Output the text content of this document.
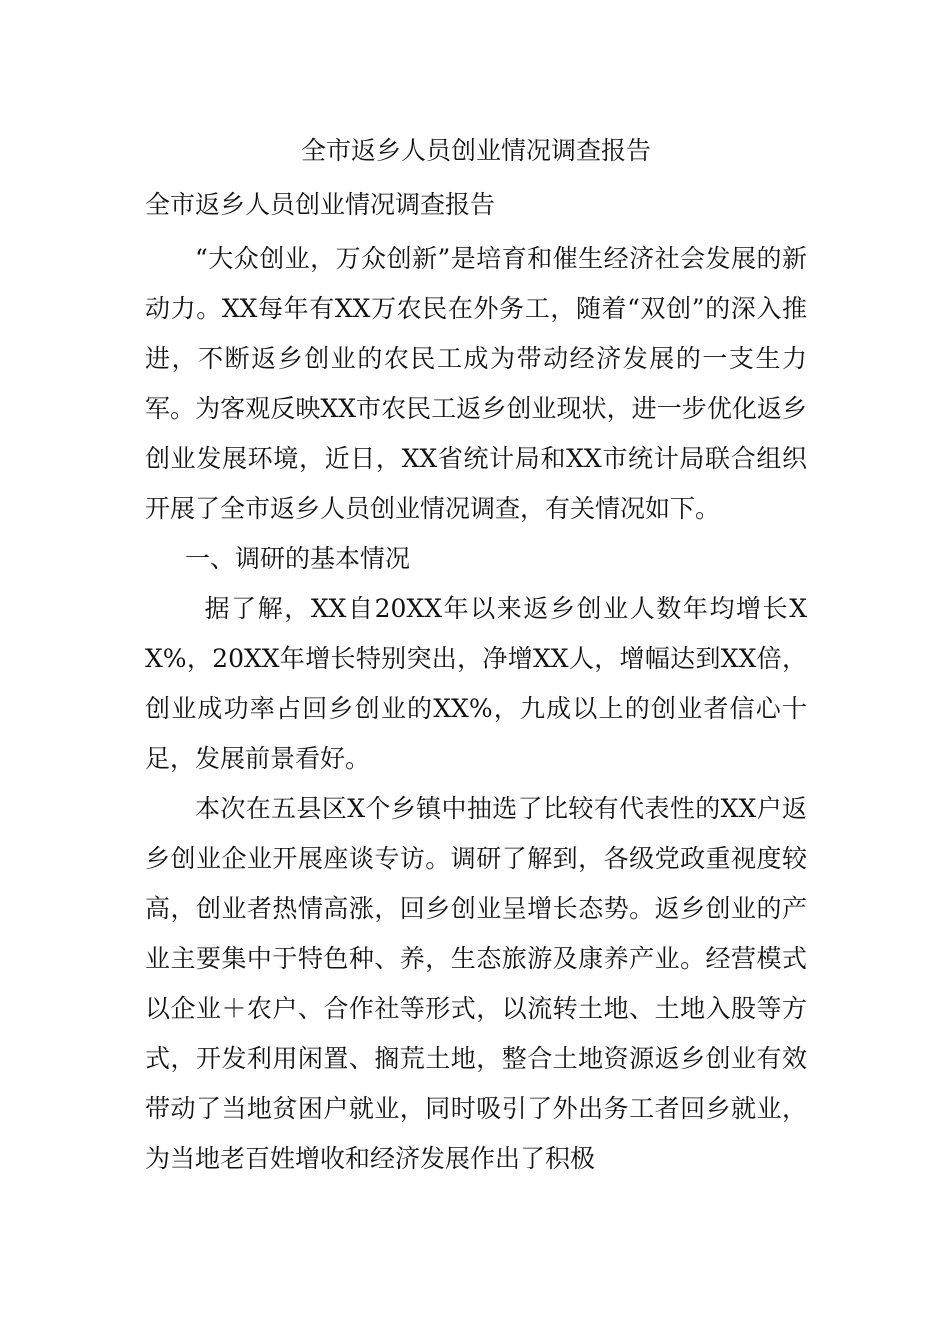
全市返乡人员创业情况调查报告
全市返乡人员创业情况调查报告

“大众创业，万众创新”是培育和催生经济社会发展的新动力。XX每年有XX万农民在外务工，随着“双创”的深入推进，不断返乡创业的农民工成为带动经济发展的一支生力军。为客观反映XX市农民工返乡创业现状，进一步优化返乡创业发展环境，近日，XX省统计局和XX市统计局联合组织开展了全市返乡人员创业情况调查，有关情况如下。

一、调研的基本情况

据了解，XX自20XX年以来返乡创业人数年均增长XX%，20XX年增长特别突出，净增XX人，增幅达到XX倍，创业成功率占回乡创业的XX%，九成以上的创业者信心十足，发展前景看好。

本次在五县区X个乡镇中抽选了比较有代表性的XX户返乡创业企业开展座谈专访。调研了解到，各级党政重视度较高，创业者热情高涨，回乡创业呈增长态势。返乡创业的产业主要集中于特色种、养，生态旅游及康养产业。经营模式以企业＋农户、合作社等形式，以流转土地、土地入股等方式，开发利用闲置、搁荒土地，整合土地资源返乡创业有效带动了当地贫困户就业，同时吸引了外出务工者回乡就业，为当地老百姓增收和经济发展作出了积极
